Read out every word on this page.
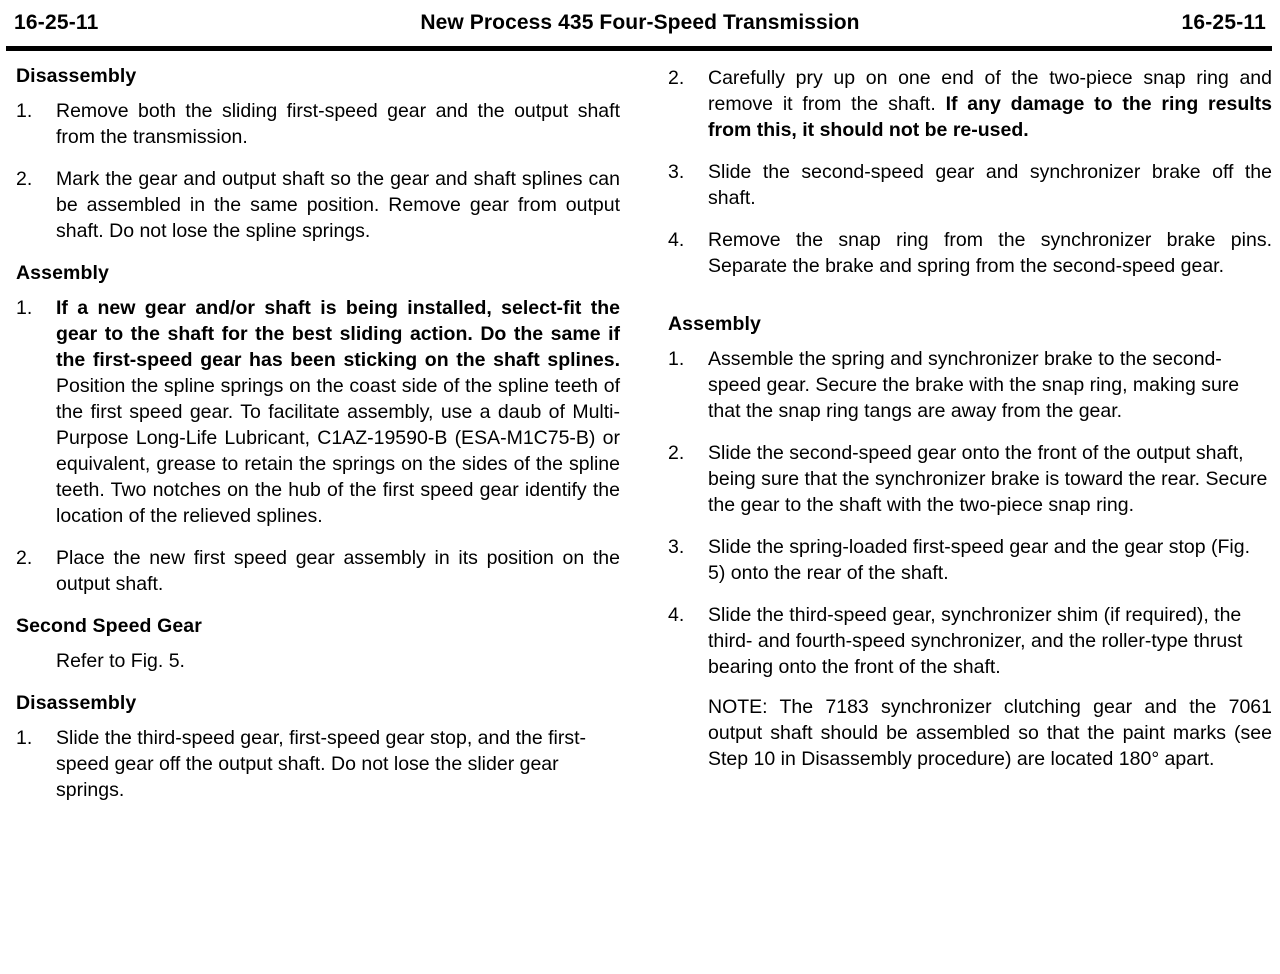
16-25-11	New Process 435 Four-Speed Transmission	16-25-11
Disassembly
1.	Remove both the sliding first-speed gear and the output shaft from the transmission.
2.	Mark the gear and output shaft so the gear and shaft splines can be assembled in the same position. Remove gear from output shaft. Do not lose the spline springs.
Assembly
1.	If a new gear and/or shaft is being installed, select-fit the gear to the shaft for the best sliding action. Do the same if the first-speed gear has been sticking on the shaft splines. Position the spline springs on the coast side of the spline teeth of the first speed gear. To facilitate assembly, use a daub of Multi-Purpose Long-Life Lubricant, C1AZ-19590-B (ESA-M1C75-B) or equivalent, grease to retain the springs on the sides of the spline teeth. Two notches on the hub of the first speed gear identify the location of the relieved splines.
2.	Place the new first speed gear assembly in its position on the output shaft.
Second Speed Gear
Refer to Fig. 5.
Disassembly
1.	Slide the third-speed gear, first-speed gear stop, and the first-speed gear off the output shaft. Do not lose the slider gear springs.
2.	Carefully pry up on one end of the two-piece snap ring and remove it from the shaft. If any damage to the ring results from this, it should not be re-used.
3.	Slide the second-speed gear and synchronizer brake off the shaft.
4.	Remove the snap ring from the synchronizer brake pins. Separate the brake and spring from the second-speed gear.
Assembly
1.	Assemble the spring and synchronizer brake to the second-speed gear. Secure the brake with the snap ring, making sure that the snap ring tangs are away from the gear.
2.	Slide the second-speed gear onto the front of the output shaft, being sure that the synchronizer brake is toward the rear. Secure the gear to the shaft with the two-piece snap ring.
3.	Slide the spring-loaded first-speed gear and the gear stop (Fig. 5) onto the rear of the shaft.
4.	Slide the third-speed gear, synchronizer shim (if required), the third- and fourth-speed synchronizer, and the roller-type thrust bearing onto the front of the shaft.
NOTE: The 7183 synchronizer clutching gear and the 7061 output shaft should be assembled so that the paint marks (see Step 10 in Disassembly procedure) are located 180° apart.
